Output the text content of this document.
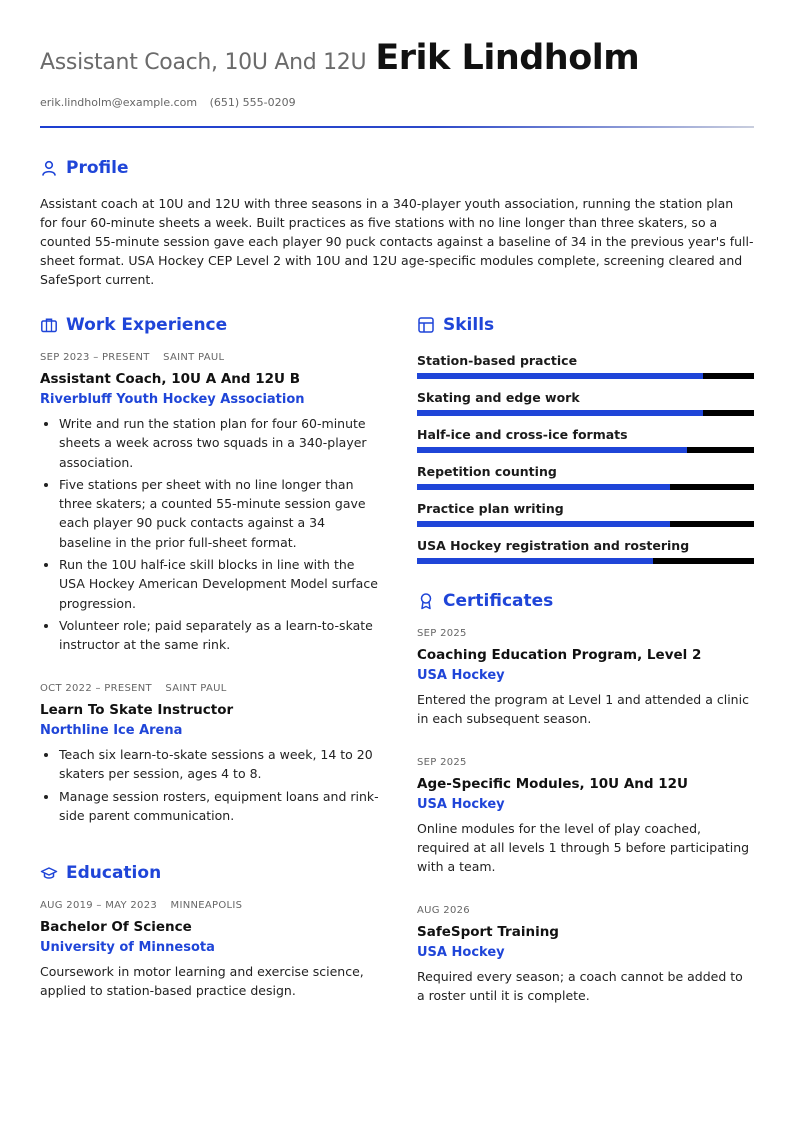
Assistant Coach, 10U And 12U Erik Lindholm
erik.lindholm@example.com (651) 555-0209
Profile
Assistant coach at 10U and 12U with three seasons in a 340-player youth association, running the station plan for four 60-minute sheets a week. Built practices as five stations with no line longer than three skaters, so a counted 55-minute session gave each player 90 puck contacts against a baseline of 34 in the previous year's full-sheet format. USA Hockey CEP Level 2 with 10U and 12U age-specific modules complete, screening cleared and SafeSport current.
Work Experience
SEP 2023 – PRESENT SAINT PAUL
Assistant Coach, 10U A And 12U B
Riverbluff Youth Hockey Association
• Write and run the station plan for four 60-minute sheets a week across two squads in a 340-player association.
• Five stations per sheet with no line longer than three skaters; a counted 55-minute session gave each player 90 puck contacts against a 34 baseline in the prior full-sheet format.
• Run the 10U half-ice skill blocks in line with the USA Hockey American Development Model surface progression.
• Volunteer role; paid separately as a learn-to-skate instructor at the same rink.
OCT 2022 – PRESENT SAINT PAUL
Learn To Skate Instructor
Northline Ice Arena
• Teach six learn-to-skate sessions a week, 14 to 20 skaters per session, ages 4 to 8.
• Manage session rosters, equipment loans and rink-side parent communication.
Education
AUG 2019 – MAY 2023 MINNEAPOLIS
Bachelor Of Science
University of Minnesota
Coursework in motor learning and exercise science, applied to station-based practice design.
Skills
Station-based practice
Skating and edge work
Half-ice and cross-ice formats
Repetition counting
Practice plan writing
USA Hockey registration and rostering
Certificates
SEP 2025
Coaching Education Program, Level 2
USA Hockey
Entered the program at Level 1 and attended a clinic in each subsequent season.
SEP 2025
Age-Specific Modules, 10U And 12U
USA Hockey
Online modules for the level of play coached, required at all levels 1 through 5 before participating with a team.
AUG 2026
SafeSport Training
USA Hockey
Required every season; a coach cannot be added to a roster until it is complete.
